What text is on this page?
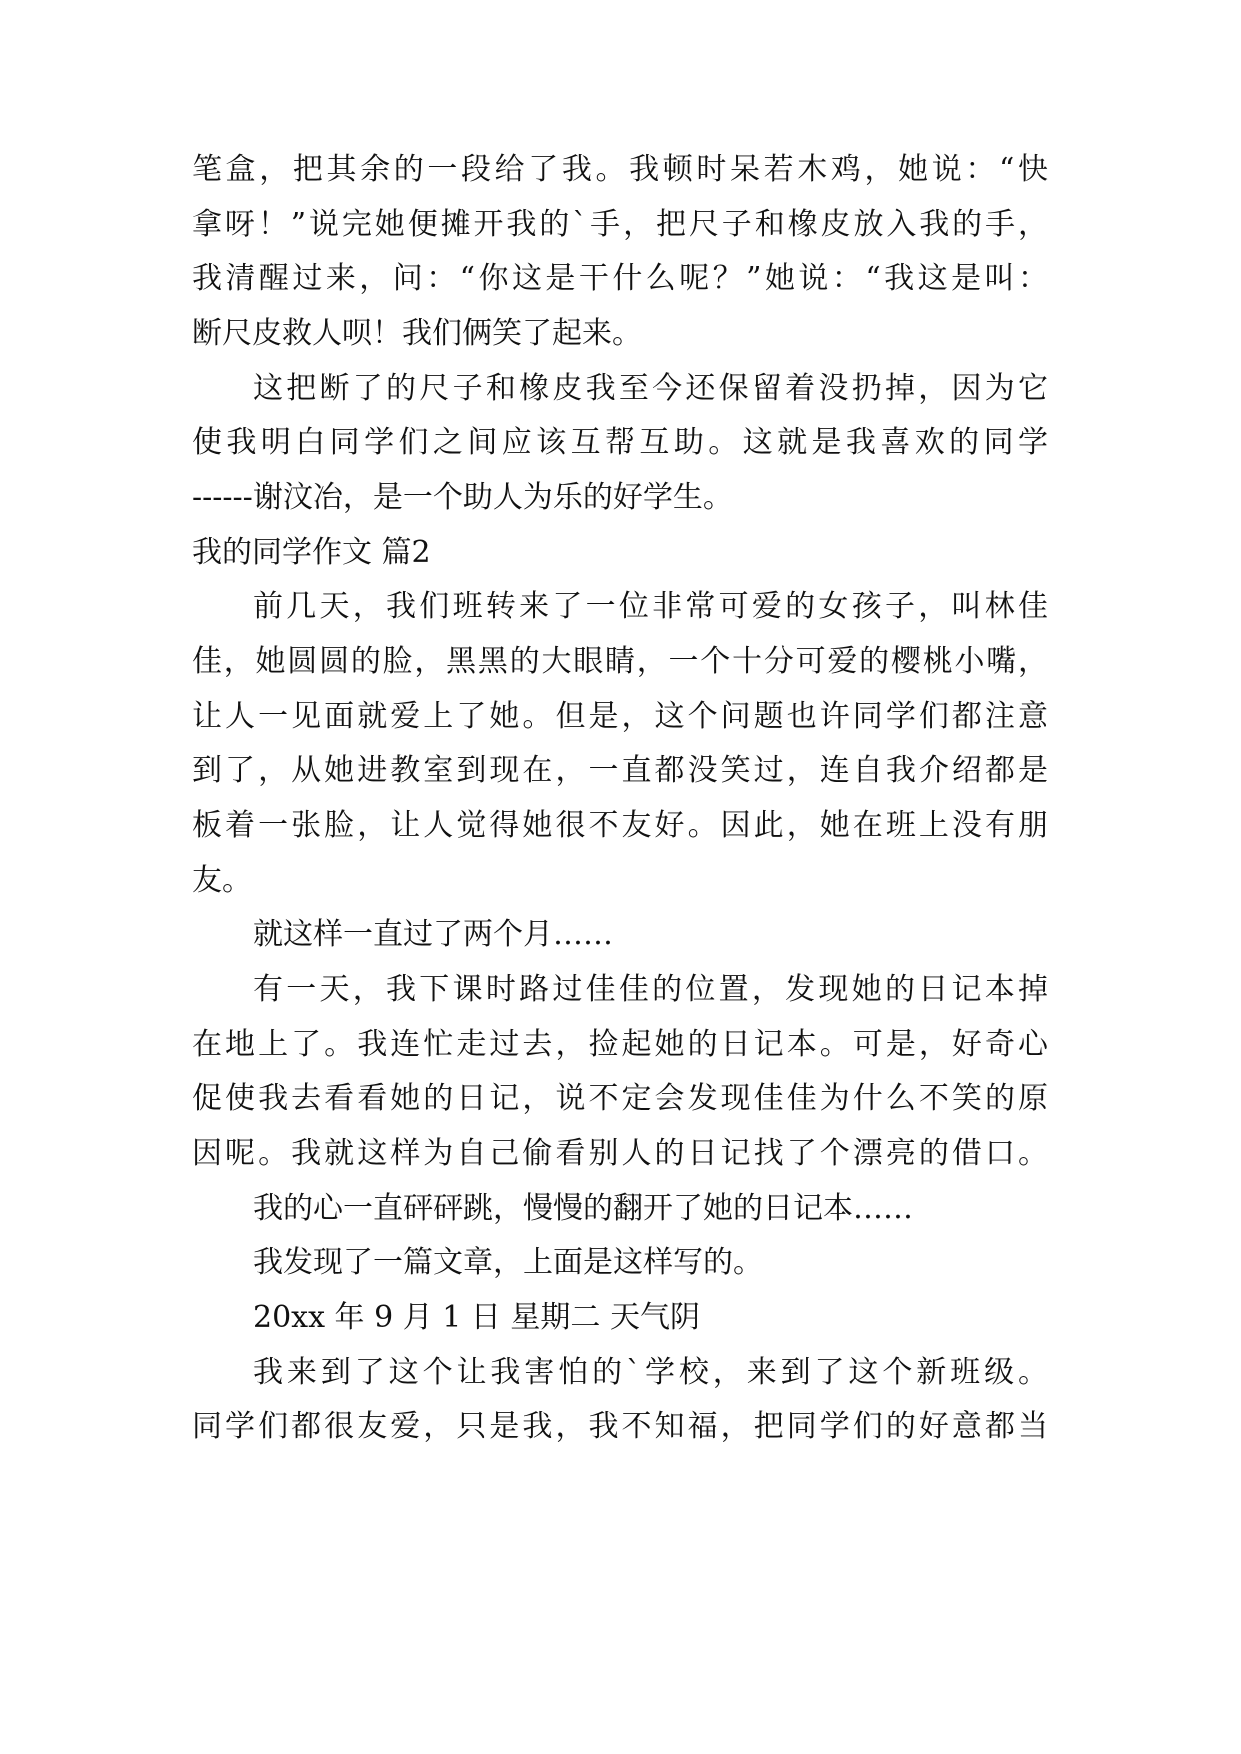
笔盒，把其余的一段给了我。我顿时呆若木鸡，她说：“快
拿呀！”说完她便摊开我的`手，把尺子和橡皮放入我的手，
我清醒过来，问：“你这是干什么呢？”她说：“我这是叫：
断尺皮救人呗！我们俩笑了起来。
这把断了的尺子和橡皮我至今还保留着没扔掉，因为它
使我明白同学们之间应该互帮互助。这就是我喜欢的同学
------谢汶冶，是一个助人为乐的好学生。
我的同学作文 篇2
前几天，我们班转来了一位非常可爱的女孩子，叫林佳
佳，她圆圆的脸，黑黑的大眼睛，一个十分可爱的樱桃小嘴，
让人一见面就爱上了她。但是，这个问题也许同学们都注意
到了，从她进教室到现在，一直都没笑过，连自我介绍都是
板着一张脸，让人觉得她很不友好。因此，她在班上没有朋
友。
就这样一直过了两个月……
有一天，我下课时路过佳佳的位置，发现她的日记本掉
在地上了。我连忙走过去，捡起她的日记本。可是，好奇心
促使我去看看她的日记，说不定会发现佳佳为什么不笑的原
因呢。我就这样为自己偷看别人的日记找了个漂亮的借口。
我的心一直砰砰跳，慢慢的翻开了她的日记本……
我发现了一篇文章，上面是这样写的。
20xx 年 9 月 1 日 星期二 天气阴
我来到了这个让我害怕的`学校，来到了这个新班级。
同学们都很友爱，只是我，我不知福，把同学们的好意都当
